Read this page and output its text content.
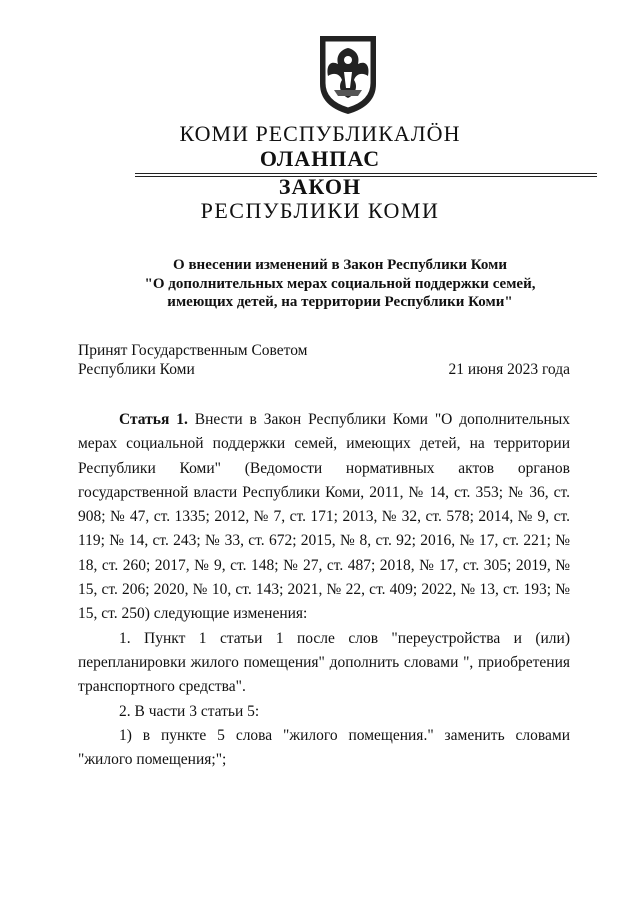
КОМИ РЕСПУБЛИКАЛÖН
ОЛАНПАС
ЗАКОН
РЕСПУБЛИКИ КОМИ
О внесении изменений в Закон Республики Коми
"О дополнительных мерах социальной поддержки семей,
имеющих детей, на территории Республики Коми"
Принят Государственным Советом
Республики Коми	21 июня 2023 года

Статья 1. Внести в Закон Республики Коми "О дополнительных мерах социальной поддержки семей, имеющих детей, на территории Республики Коми" (Ведомости нормативных актов органов государственной власти Республики Коми, 2011, № 14, ст. 353; № 36, ст. 908; № 47, ст. 1335; 2012, № 7, ст. 171; 2013, № 32, ст. 578; 2014, № 9, ст. 119; № 14, ст. 243; № 33, ст. 672; 2015, № 8, ст. 92; 2016, № 17, ст. 221; № 18, ст. 260; 2017, № 9, ст. 148; № 27, ст. 487; 2018, № 17, ст. 305; 2019, № 15, ст. 206; 2020, № 10, ст. 143; 2021, № 22, ст. 409; 2022, № 13, ст. 193; № 15, ст. 250) следующие изменения:

1. Пункт 1 статьи 1 после слов "переустройства и (или) перепланировки жилого помещения" дополнить словами ", приобретения транспортного средства".

2. В части 3 статьи 5:

1) в пункте 5 слова "жилого помещения." заменить словами "жилого помещения;";
